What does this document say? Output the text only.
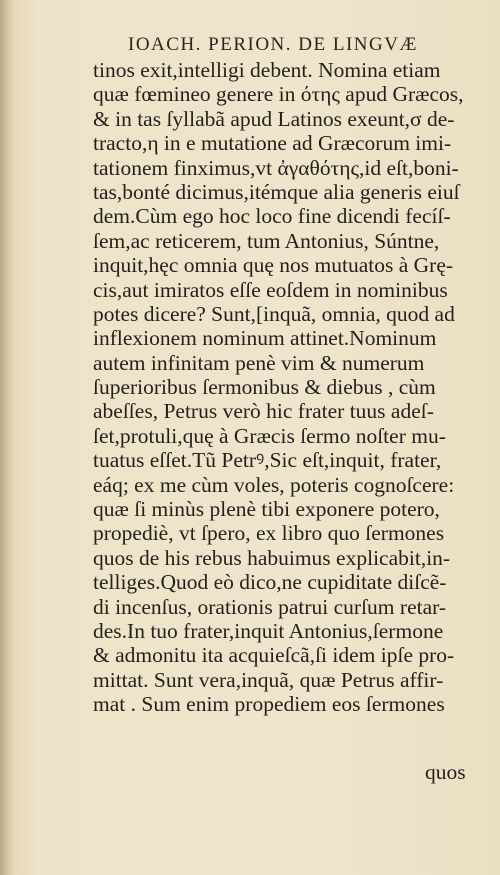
IOACH. PERION. DE LINGVÆ
tinos exit,intelligi debent. Nomina etiam
quæ fœmineo genere in ότης apud Græcos,
& in tas ſyllabã apud Latinos exeunt,σ de-
tracto,η in e mutatione ad Græcorum imi-
tationem finximus,vt ἀγαθότης,id eſt,boni-
tas,bonté dicimus,itémque alia generis eiuſ
dem.Cùm ego hoc loco fine dicendi fecíſ-
ſem,ac reticerem, tum Antonius, Súntne,
inquit,hęc omnia quę nos mutuatos à Grę-
cis,aut imiratos eſſe eoſdem in nominibus
potes dicere? Sunt,[inquã, omnia, quod ad
inflexionem nominum attinet.Nominum
autem infinitam penè vim & numerum
ſuperioribus ſermonibus & diebus , cùm
abeſſes, Petrus verò hic frater tuus adeſ-
ſet,protuli,quę à Græcis ſermo noſter mu-
tuatus eſſet.Tũ Petrꝰ,Sic eſt,inquit, frater,
eáq; ex me cùm voles, poteris cognoſcere:
quæ ſi minùs plenè tibi exponere potero,
propediè, vt ſpero, ex libro quo ſermones
quos de his rebus habuimus explicabit,in-
telliges.Quod eò dico,ne cupiditate diſcẽ-
di incenſus, orationis patrui curſum retar-
des.In tuo frater,inquit Antonius,ſermone
& admonitu ita acquieſcã,ſi idem ipſe pro-
mittat. Sunt vera,inquã, quæ Petrus affir-
mat . Sum enim propediem eos ſermones
quos
